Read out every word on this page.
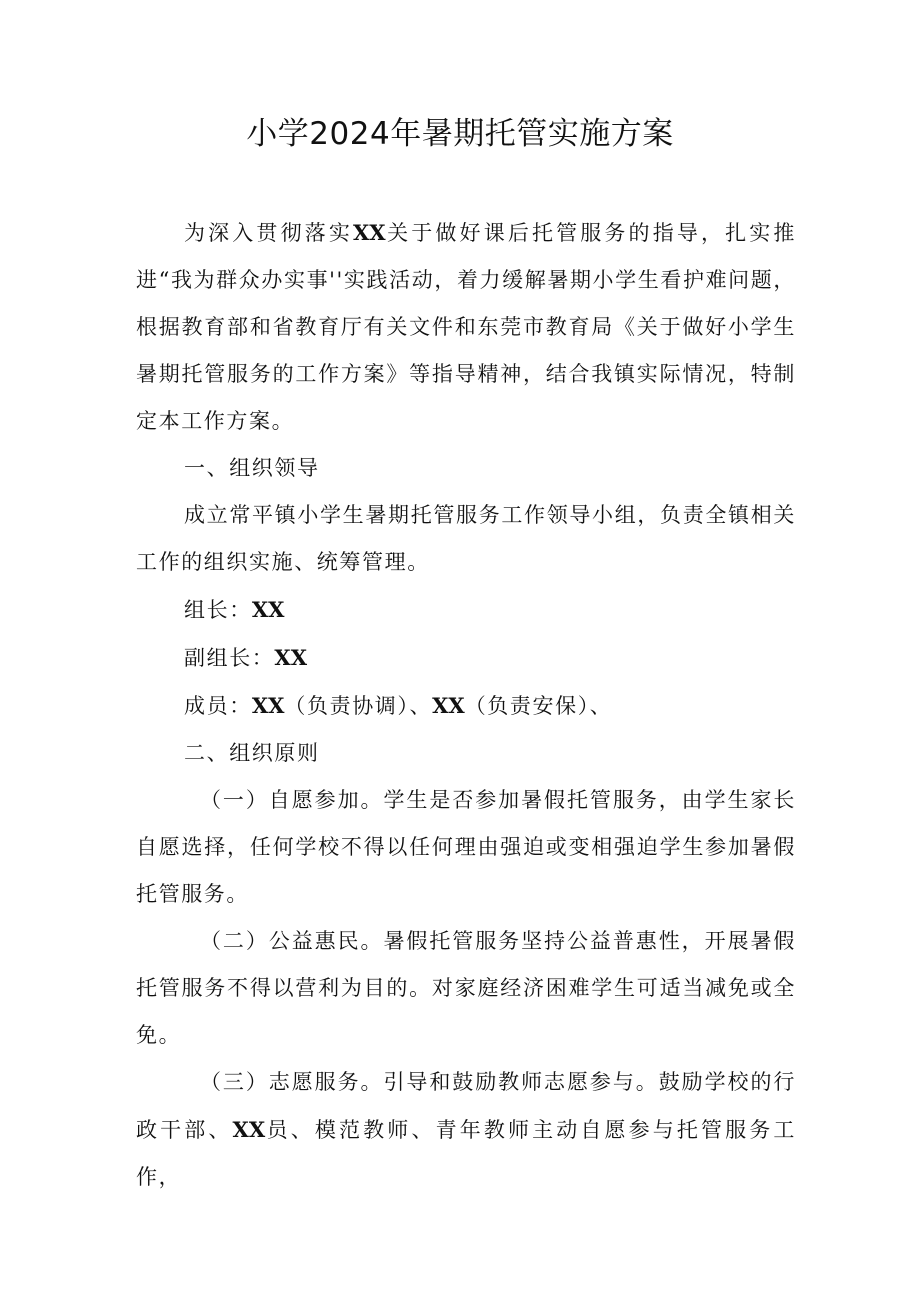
小学2024年暑期托管实施方案

为深入贯彻落实XX关于做好课后托管服务的指导，扎实推进“我为群众办实事''实践活动，着力缓解暑期小学生看护难问题，根据教育部和省教育厅有关文件和东莞市教育局《关于做好小学生暑期托管服务的工作方案》等指导精神，结合我镇实际情况，特制定本工作方案。

一、组织领导

成立常平镇小学生暑期托管服务工作领导小组，负责全镇相关工作的组织实施、统筹管理。

组长：XX

副组长：XX

成员：XX（负责协调）、XX（负责安保）、

二、组织原则

（一）自愿参加。学生是否参加暑假托管服务，由学生家长自愿选择，任何学校不得以任何理由强迫或变相强迫学生参加暑假托管服务。

（二）公益惠民。暑假托管服务坚持公益普惠性，开展暑假托管服务不得以营利为目的。对家庭经济困难学生可适当减免或全免。

（三）志愿服务。引导和鼓励教师志愿参与。鼓励学校的行政干部、XX员、模范教师、青年教师主动自愿参与托管服务工作，
